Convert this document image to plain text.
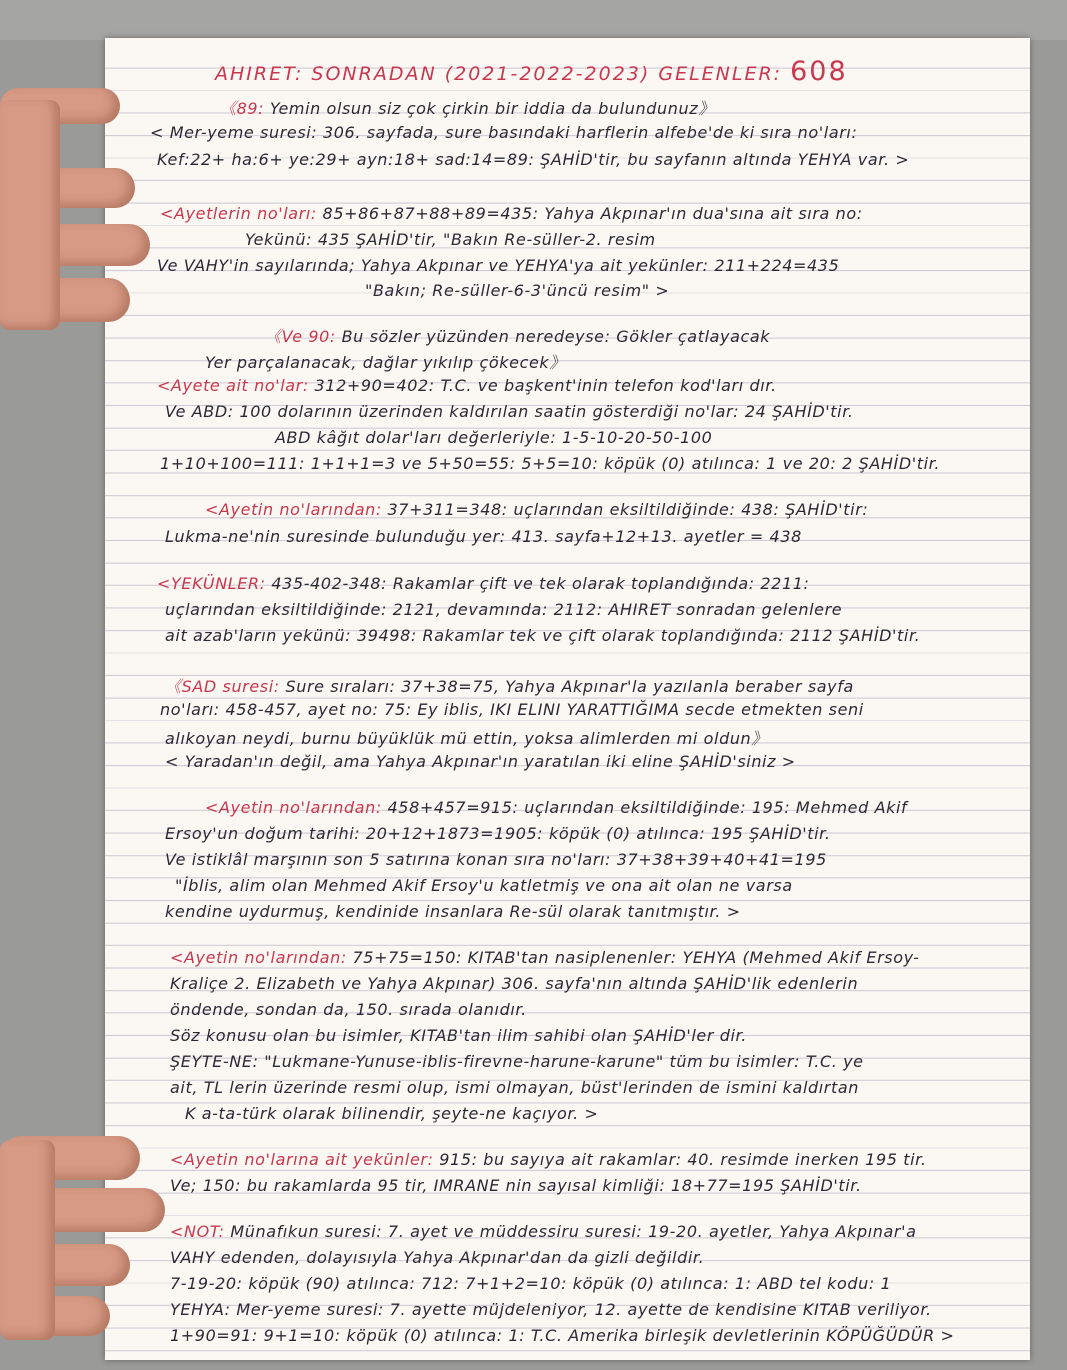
AHIRET: SONRADAN (2021-2022-2023) GELENLER: 608
《89: Yemin olsun siz çok çirkin bir iddia da bulundunuz》
< Mer-yeme suresi: 306. sayfada, sure basındaki harflerin alfebe'de ki sıra no'ları:
Kef:22+ ha:6+ ye:29+ ayn:18+ sad:14=89: ŞAHİD'tir, bu sayfanın altında YEHYA var. >
<Ayetlerin no'ları: 85+86+87+88+89=435: Yahya Akpınar'ın dua'sına ait sıra no:
Yekünü: 435 ŞAHİD'tir, "Bakın Re-süller-2. resim
Ve VAHY'in sayılarında; Yahya Akpınar ve YEHYA'ya ait yekünler: 211+224=435
"Bakın; Re-süller-6-3'üncü resim" >
《Ve 90: Bu sözler yüzünden neredeyse: Gökler çatlayacak
Yer parçalanacak, dağlar yıkılıp çökecek》
<Ayete ait no'lar: 312+90=402: T.C. ve başkent'inin telefon kod'ları dır.
Ve ABD: 100 dolarının üzerinden kaldırılan saatin gösterdiği no'lar: 24 ŞAHİD'tir.
ABD kâğıt dolar'ları değerleriyle: 1-5-10-20-50-100
1+10+100=111: 1+1+1=3 ve 5+50=55: 5+5=10: köpük (0) atılınca: 1 ve 20: 2 ŞAHİD'tir.
<Ayetin no'larından: 37+311=348: uçlarından eksiltildiğinde: 438: ŞAHİD'tir:
Lukma-ne'nin suresinde bulunduğu yer: 413. sayfa+12+13. ayetler = 438
<YEKÜNLER: 435-402-348: Rakamlar çift ve tek olarak toplandığında: 2211:
uçlarından eksiltildiğinde: 2121, devamında: 2112: AHIRET sonradan gelenlere
ait azab'ların yekünü: 39498: Rakamlar tek ve çift olarak toplandığında: 2112 ŞAHİD'tir.
《SAD suresi: Sure sıraları: 37+38=75, Yahya Akpınar'la yazılanla beraber sayfa
no'ları: 458-457, ayet no: 75: Ey iblis, IKI ELINI YARATTIĞIMA secde etmekten seni
alıkoyan neydi, burnu büyüklük mü ettin, yoksa alimlerden mi oldun》
< Yaradan'ın değil, ama Yahya Akpınar'ın yaratılan iki eline ŞAHİD'siniz >
<Ayetin no'larından: 458+457=915: uçlarından eksiltildiğinde: 195: Mehmed Akif
Ersoy'un doğum tarihi: 20+12+1873=1905: köpük (0) atılınca: 195 ŞAHİD'tir.
Ve istiklâl marşının son 5 satırına konan sıra no'ları: 37+38+39+40+41=195
"İblis, alim olan Mehmed Akif Ersoy'u katletmiş ve ona ait olan ne varsa
kendine uydurmuş, kendinide insanlara Re-sül olarak tanıtmıştır. >
<Ayetin no'larından: 75+75=150: KITAB'tan nasiplenenler: YEHYA (Mehmed Akif Ersoy-
Kraliçe 2. Elizabeth ve Yahya Akpınar) 306. sayfa'nın altında ŞAHİD'lik edenlerin
öndende, sondan da, 150. sırada olanıdır.
Söz konusu olan bu isimler, KITAB'tan ilim sahibi olan ŞAHİD'ler dir.
ŞEYTE-NE: "Lukmane-Yunuse-iblis-firevne-harune-karune" tüm bu isimler: T.C. ye
ait, TL lerin üzerinde resmi olup, ismi olmayan, büst'lerinden de ismini kaldırtan
K a-ta-türk olarak bilinendir, şeyte-ne kaçıyor. >
<Ayetin no'larına ait yekünler: 915: bu sayıya ait rakamlar: 40. resimde inerken 195 tir.
Ve; 150: bu rakamlarda 95 tir, IMRANE nin sayısal kimliği: 18+77=195 ŞAHİD'tir.
<NOT: Münafıkun suresi: 7. ayet ve müddessiru suresi: 19-20. ayetler, Yahya Akpınar'a
VAHY edenden, dolayısıyla Yahya Akpınar'dan da gizli değildir.
7-19-20: köpük (90) atılınca: 712: 7+1+2=10: köpük (0) atılınca: 1: ABD tel kodu: 1
YEHYA: Mer-yeme suresi: 7. ayette müjdeleniyor, 12. ayette de kendisine KITAB veriliyor.
1+90=91: 9+1=10: köpük (0) atılınca: 1: T.C. Amerika birleşik devletlerinin KÖPÜĞÜDÜR >
